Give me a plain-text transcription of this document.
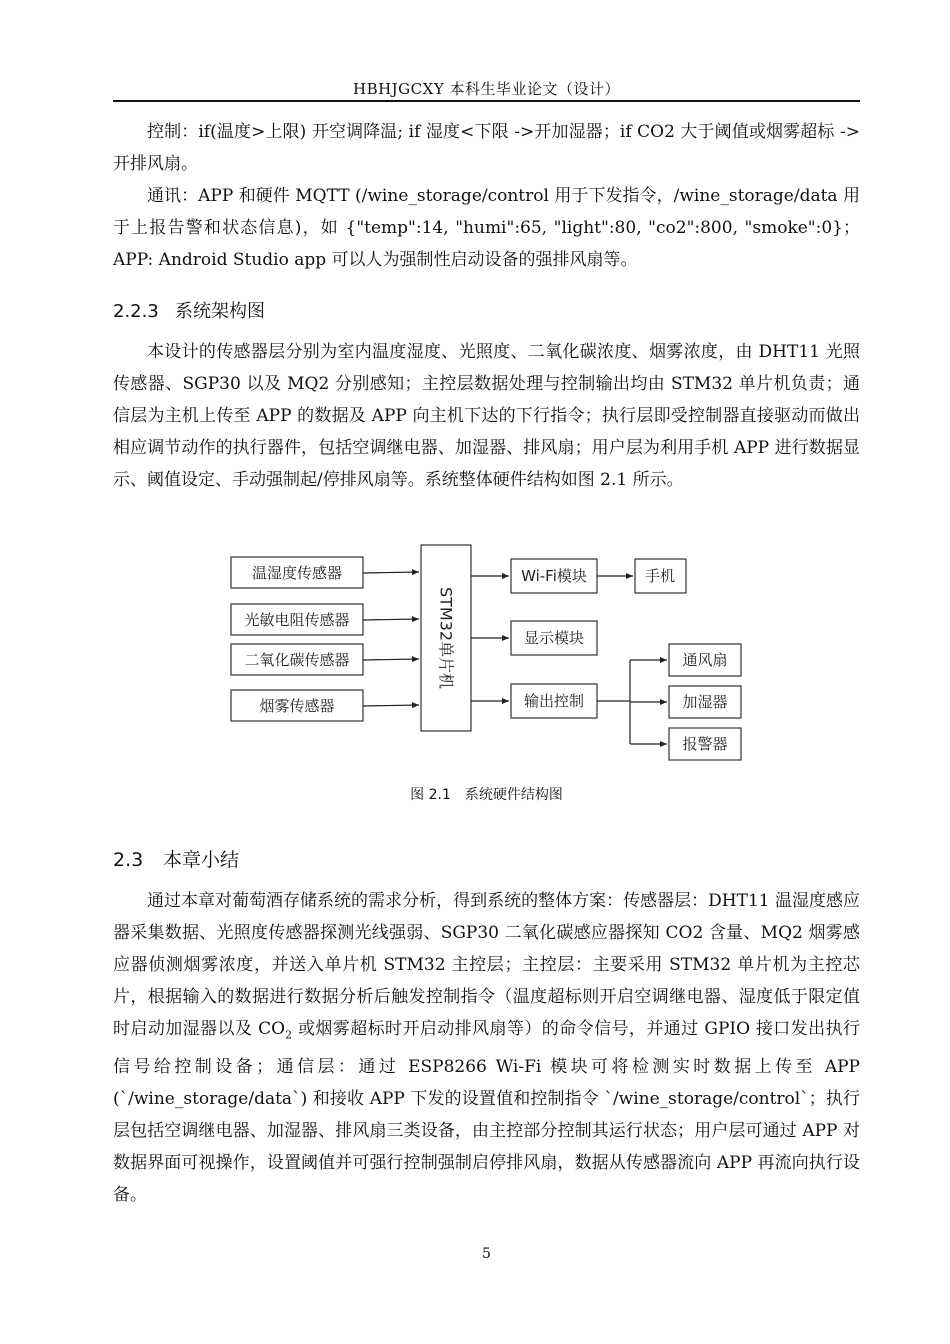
HBHJGCXY 本科生毕业论文（设计）

控制：if(温度>上限) 开空调降温; if 湿度<下限 ->开加湿器；if CO2 大于阈值或烟雾超标 -> 开排风扇。

通讯：APP 和硬件 MQTT (/wine_storage/control 用于下发指令，/wine_storage/data 用于上报告警和状态信息)，如 {"temp":14, "humi":65, "light":80, "co2":800, "smoke":0}；APP: Android Studio app 可以人为强制性启动设备的强排风扇等。

2.2.3 系统架构图

本设计的传感器层分别为室内温度湿度、光照度、二氧化碳浓度、烟雾浓度，由 DHT11 光照传感器、SGP30 以及 MQ2 分别感知；主控层数据处理与控制输出均由 STM32 单片机负责；通信层为主机上传至 APP 的数据及 APP 向主机下达的下行指令；执行层即受控制器直接驱动而做出相应调节动作的执行器件，包括空调继电器、加湿器、排风扇；用户层为利用手机 APP 进行数据显示、阈值设定、手动强制起/停排风扇等。系统整体硬件结构如图 2.1 所示。

温湿度传感器
光敏电阻传感器
二氧化碳传感器
烟雾传感器
STM32单片机
Wi-Fi模块	手机
显示模块
输出控制
通风扇
加湿器
报警器
图 2.1　系统硬件结构图
2.3 本章小结

通过本章对葡萄酒存储系统的需求分析，得到系统的整体方案：传感器层：DHT11 温湿度感应器采集数据、光照度传感器探测光线强弱、SGP30 二氧化碳感应器探知 CO2 含量、MQ2 烟雾感应器侦测烟雾浓度，并送入单片机 STM32 主控层；主控层：主要采用 STM32 单片机为主控芯片，根据输入的数据进行数据分析后触发控制指令（温度超标则开启空调继电器、湿度低于限定值时启动加湿器以及 $CO_2$ 或烟雾超标时开启动排风扇等）的命令信号，并通过 GPIO 接口发出执行信号给控制设备；通信层：通过 ESP8266 Wi-Fi 模块可将检测实时数据上传至 APP (`/wine_storage/data`) 和接收 APP 下发的设置值和控制指令 `/wine_storage/control`；执行层包括空调继电器、加湿器、排风扇三类设备，由主控部分控制其运行状态；用户层可通过 APP 对数据界面可视操作，设置阈值并可强行控制强制启停排风扇，数据从传感器流向 APP 再流向执行设备。

5
